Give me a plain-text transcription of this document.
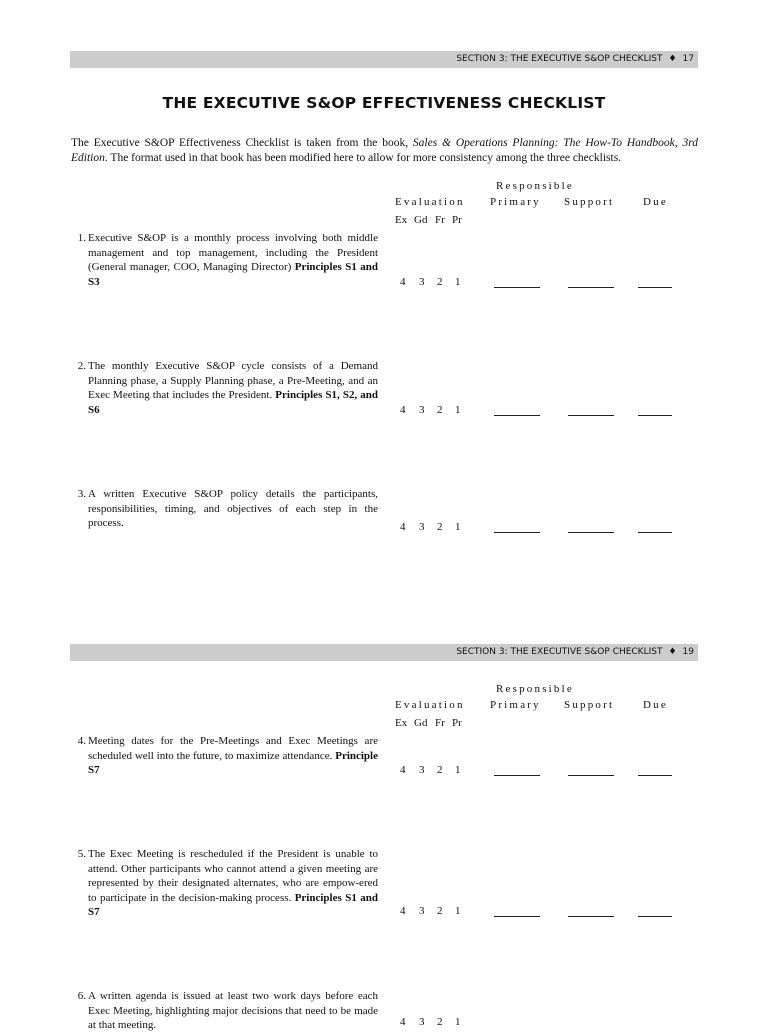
SECTION 3: THE EXECUTIVE S&OP CHECKLIST ♦ 17
THE EXECUTIVE S&OP EFFECTIVENESS CHECKLIST
The Executive S&OP Effectiveness Checklist is taken from the book, Sales & Operations Planning: The How-To Handbook, 3rd Edition. The format used in that book has been modified here to allow for more consistency among the three checklists.
Responsible
Evaluation Primary Support	Due
Ex Gd Fr Pr
1. Executive S&OP is a monthly process involving both middle management and top management, including the President (General manager, COO, Managing Director) Principles S1 and S3	4 3 2 1
2. The monthly Executive S&OP cycle consists of a Demand Planning phase, a Supply Planning phase, a Pre-Meeting, and an Exec Meeting that includes the President. Principles S1, S2, and S6	4 3 2 1
3. A written Executive S&OP policy details the participants, responsibilities, timing, and objectives of each step in the process.	4 3 2 1
SECTION 3: THE EXECUTIVE S&OP CHECKLIST ♦ 19
Responsible
Evaluation Primary Support	Due
Ex Gd Fr Pr
4. Meeting dates for the Pre-Meetings and Exec Meetings are scheduled well into the future, to maximize attendance. Principle S7	4 3 2 1
5. The Exec Meeting is rescheduled if the President is unable to attend. Other participants who cannot attend a given meeting are represented by their designated alternates, who are empow-ered to participate in the decision-making process. Principles S1 and S7	4 3 2 1
6. A written agenda is issued at least two work days before each Exec Meeting, highlighting major decisions that need to be made at that meeting.	4 3 2 1
